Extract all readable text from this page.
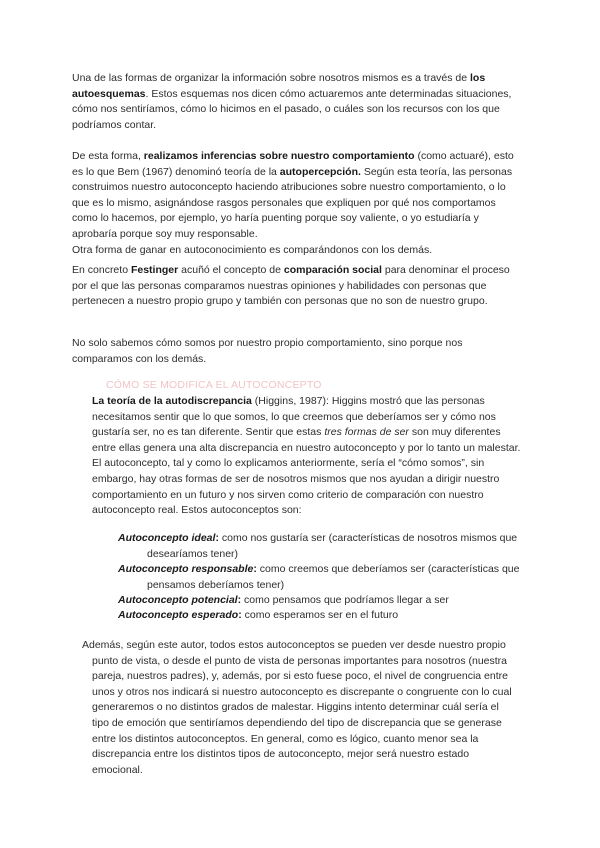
Una de las formas de organizar la información sobre nosotros mismos es a través de los autoesquemas. Estos esquemas nos dicen cómo actuaremos ante determinadas situaciones, cómo nos sentiríamos, cómo lo hicimos en el pasado, o cuáles son los recursos con los que podríamos contar.

De esta forma, realizamos inferencias sobre nuestro comportamiento (como actuaré), esto es lo que Bem (1967) denominó teoría de la autopercepción. Según esta teoría, las personas construimos nuestro autoconcepto haciendo atribuciones sobre nuestro comportamiento, o lo que es lo mismo, asignándose rasgos personales que expliquen por qué nos comportamos como lo hacemos, por ejemplo, yo haría puenting porque soy valiente, o yo estudiaría y aprobaría porque soy muy responsable.
Otra forma de ganar en autoconocimiento es comparándonos con los demás.

En concreto Festinger acuñó el concepto de comparación social para denominar el proceso por el que las personas comparamos nuestras opiniones y habilidades con personas que pertenecen a nuestro propio grupo y también con personas que no son de nuestro grupo.

No solo sabemos cómo somos por nuestro propio comportamiento, sino porque nos comparamos con los demás.

CÓMO SE MODIFICA EL AUTOCONCEPTO

La teoría de la autodiscrepancia (Higgins, 1987): Higgins mostró que las personas necesitamos sentir que lo que somos, lo que creemos que deberíamos ser y cómo nos gustaría ser, no es tan diferente. Sentir que estas tres formas de ser son muy diferentes entre ellas genera una alta discrepancia en nuestro autoconcepto y por lo tanto un malestar. El autoconcepto, tal y como lo explicamos anteriormente, sería el “cómo somos”, sin embargo, hay otras formas de ser de nosotros mismos que nos ayudan a dirigir nuestro comportamiento en un futuro y nos sirven como criterio de comparación con nuestro autoconcepto real. Estos autoconceptos son:

Autoconcepto ideal: como nos gustaría ser (características de nosotros mismos que desearíamos tener)

Autoconcepto responsable: como creemos que deberíamos ser (características que pensamos deberíamos tener)

Autoconcepto potencial: como pensamos que podríamos llegar a ser

Autoconcepto esperado: como esperamos ser en el futuro

Además, según este autor, todos estos autoconceptos se pueden ver desde nuestro propio punto de vista, o desde el punto de vista de personas importantes para nosotros (nuestra pareja, nuestros padres), y, además, por si esto fuese poco, el nivel de congruencia entre unos y otros nos indicará si nuestro autoconcepto es discrepante o congruente con lo cual generaremos o no distintos grados de malestar. Higgins intento determinar cuál sería el tipo de emoción que sentiríamos dependiendo del tipo de discrepancia que se generase entre los distintos autoconceptos. En general, como es lógico, cuanto menor sea la discrepancia entre los distintos tipos de autoconcepto, mejor será nuestro estado emocional.
